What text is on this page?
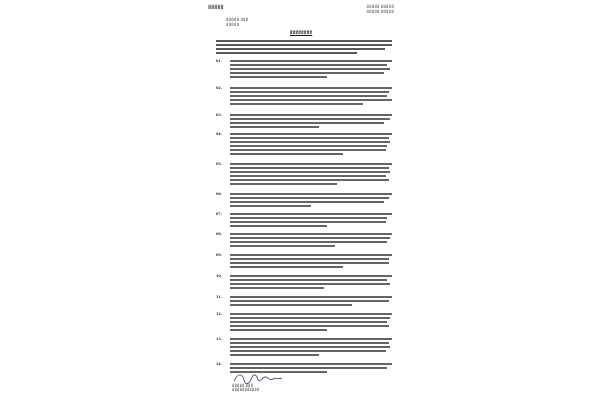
ꍎꍎꍎꍎꍎ	ꍎꍎꍎꍎꍎ ꍎꍎꍎꍎꍎ
ꍎꍎꍎꍎꍎ ꍎꍎꍎꍎꍎ
ꍎꍎꍎꍎꍎ ꍎꍎꍎ
ꍎꍎꍎꍎꍎ
ꍎꍎꍎꍎꍎꍎꍎꍎ
01.
02.
03.
04.
05.
06.
07.
08.
09.
10.
11.
12.
13.
14.
ꍎꍎꍎꍎꍎ ꍎꍎꍎ
ꍎꍎꍎꍎꍎꍎꍎꍎꍎꍎꍎ
